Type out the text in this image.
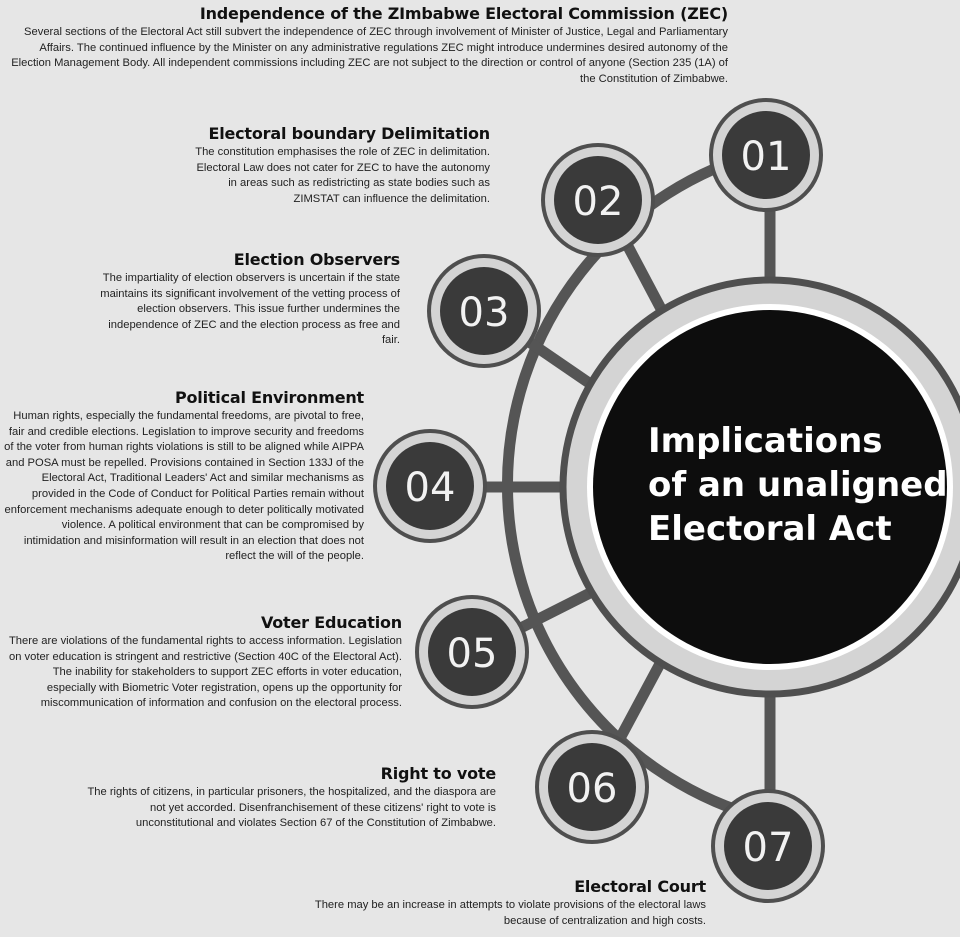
Implications
of an unaligned
Electoral Act
01
02
03
04
05
06
07
Independence of the ZImbabwe Electoral Commission (ZEC)

Several sections of the Electoral Act still subvert the independence of ZEC through involvement of Minister of Justice, Legal and Parliamentary Affairs. The continued influence by the Minister on any administrative regulations ZEC might introduce undermines desired autonomy of the Election Management Body. All independent commissions including ZEC are not subject to the direction or control of anyone (Section 235 (1A) of the Constitution of Zimbabwe.

Electoral boundary Delimitation

The constitution emphasises the role of ZEC in delimitation. Electoral Law does not cater for ZEC to have the autonomy in areas such as redistricting as state bodies such as ZIMSTAT can influence the delimitation.

Election Observers

The impartiality of election observers is uncertain if the state maintains its significant involvement of the vetting process of election observers. This issue further undermines the independence of ZEC and the election process as free and fair.

Political Environment

Human rights, especially the fundamental freedoms, are pivotal to free, fair and credible elections. Legislation to improve security and freedoms of the voter from human rights violations is still to be aligned while AIPPA and POSA must be repelled. Provisions contained in Section 133J of the Electoral Act, Traditional Leaders' Act and similar mechanisms as provided in the Code of Conduct for Political Parties remain without enforcement mechanisms adequate enough to deter politically motivated violence. A political environment that can be compromised by intimidation and misinformation will result in an election that does not reflect the will of the people.

Voter Education

There are violations of the fundamental rights to access information. Legislation on voter education is stringent and restrictive (Section 40C of the Electoral Act). The inability for stakeholders to support ZEC efforts in voter education, especially with Biometric Voter registration, opens up the opportunity for miscommunication of information and confusion on the electoral process.

Right to vote

The rights of citizens, in particular prisoners, the hospitalized, and the diaspora are not yet accorded. Disenfranchisement of these citizens' right to vote is unconstitutional and violates Section 67 of the Constitution of Zimbabwe.

Electoral Court

There may be an increase in attempts to violate provisions of the electoral laws because of centralization and high costs.
